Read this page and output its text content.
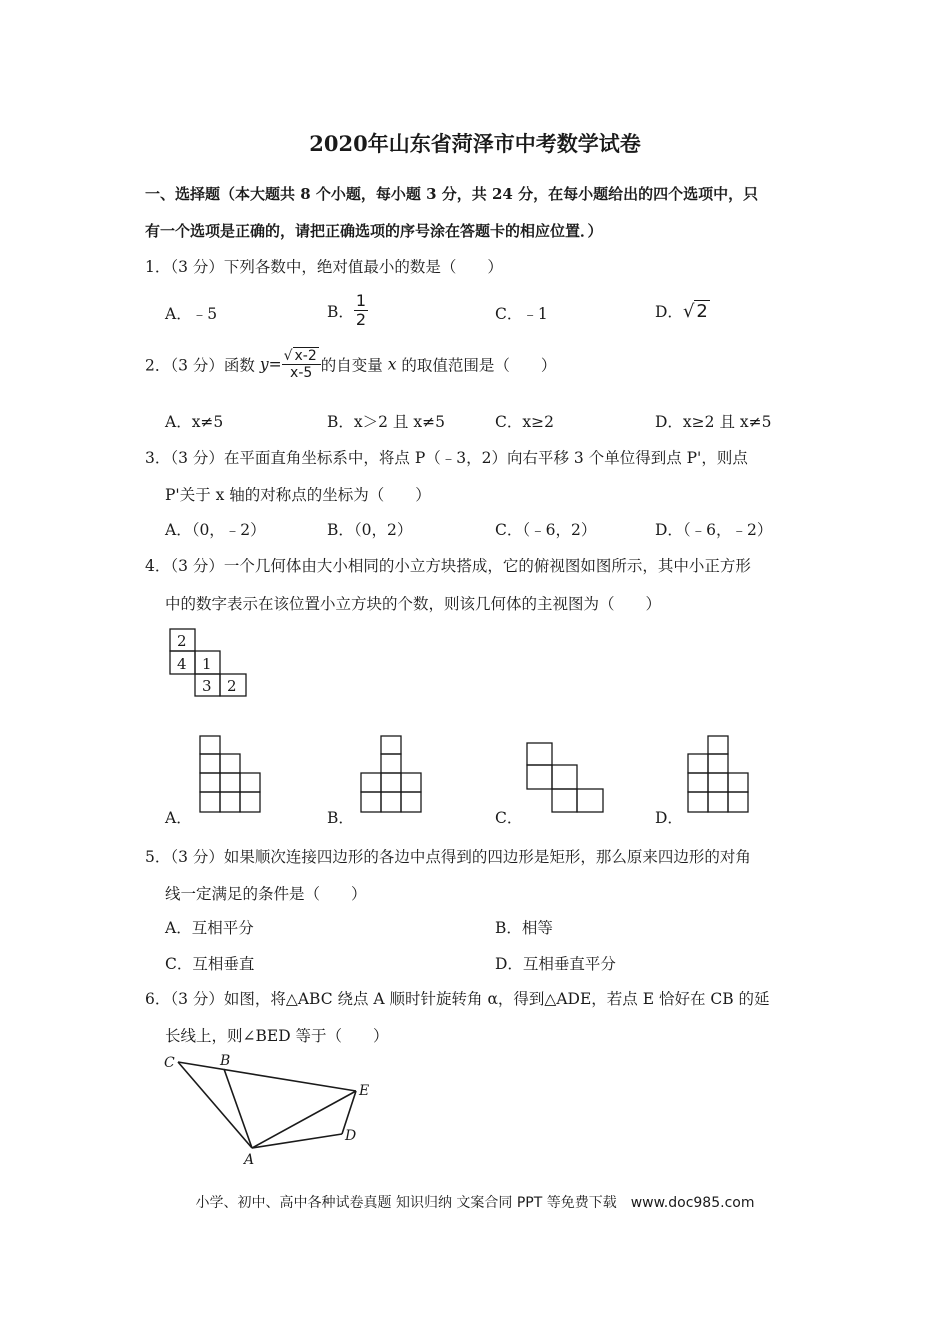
2020年山东省菏泽市中考数学试卷
一、选择题（本大题共 8 个小题，每小题 3 分，共 24 分，在每小题给出的四个选项中，只
有一个选项是正确的，请把正确选项的序号涂在答题卡的相应位置．）
1．（3 分）下列各数中，绝对值最小的数是（　　）
A．﹣5	B． $\frac{1}{2}$	C．﹣1	D．√ 2
2．（3 分）函数 $y= \frac{√ x-2}{x-5}$ 的自变量 x 的取值范围是（　　）
A．x≠5	B．x＞2 且 x≠5	C．x≥2	D．x≥2 且 x≠5
3．（3 分）在平面直角坐标系中，将点 P（﹣3，2）向右平移 3 个单位得到点 P'，则点
P'关于 x 轴的对称点的坐标为（　　）
A．（0，﹣2）	B．（0，2）	C．（﹣6，2）	D．（﹣6，﹣2）
4．（3 分）一个几何体由大小相同的小立方块搭成，它的俯视图如图所示，其中小正方形
中的数字表示在该位置小立方块的个数，则该几何体的主视图为（　　）
2
4 1
3 2
A．	B．	C．	D．
5．（3 分）如果顺次连接四边形的各边中点得到的四边形是矩形，那么原来四边形的对角
线一定满足的条件是（　　）
A．互相平分	B．相等
C．互相垂直	D．互相垂直平分
6．（3 分）如图，将△ABC 绕点 A 顺时针旋转角 α，得到△ADE，若点 E 恰好在 CB 的延
长线上，则∠BED 等于（　　）
C	B
E
D
A
小学、初中、高中各种试卷真题 知识归纳 文案合同 PPT 等免费下载　www.doc985.com
